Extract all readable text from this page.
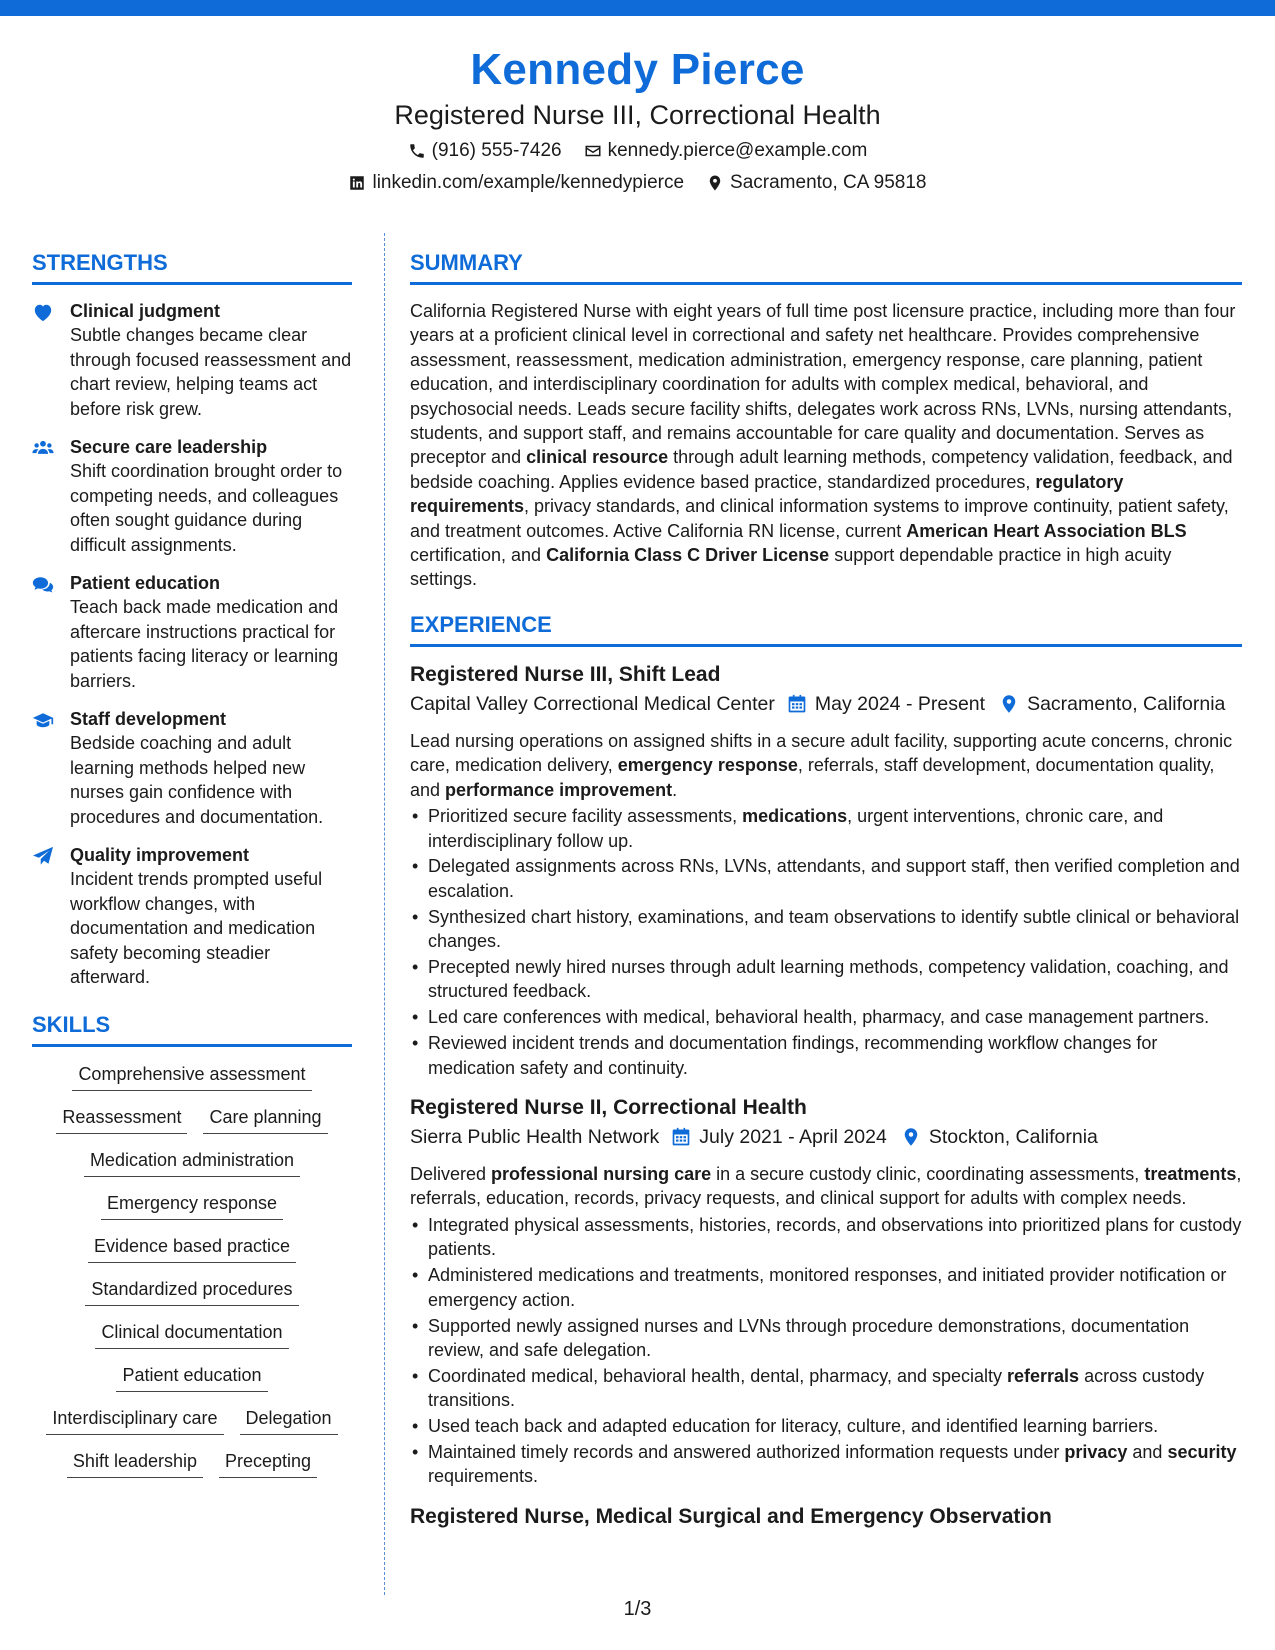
Kennedy Pierce
Registered Nurse III, Correctional Health
(916) 555-7426 kennedy.pierce@example.com
linkedin.com/example/kennedypierce Sacramento, CA 95818
STRENGTHS
Clinical judgment
Subtle changes became clear through focused reassessment and chart review, helping teams act before risk grew.
Secure care leadership
Shift coordination brought order to competing needs, and colleagues often sought guidance during difficult assignments.
Patient education
Teach back made medication and aftercare instructions practical for patients facing literacy or learning barriers.
Staff development
Bedside coaching and adult learning methods helped new nurses gain confidence with procedures and documentation.
Quality improvement
Incident trends prompted useful workflow changes, with documentation and medication safety becoming steadier afterward.
SKILLS
Comprehensive assessment
Reassessment	Care planning
Medication administration
Emergency response
Evidence based practice
Standardized procedures
Clinical documentation
Patient education
Interdisciplinary care	Delegation
Shift leadership	Precepting
SUMMARY
California Registered Nurse with eight years of full time post licensure practice, including more than four years at a proficient clinical level in correctional and safety net healthcare. Provides comprehensive assessment, reassessment, medication administration, emergency response, care planning, patient education, and interdisciplinary coordination for adults with complex medical, behavioral, and psychosocial needs. Leads secure facility shifts, delegates work across RNs, LVNs, nursing attendants, students, and support staff, and remains accountable for care quality and documentation. Serves as preceptor and clinical resource through adult learning methods, competency validation, feedback, and bedside coaching. Applies evidence based practice, standardized procedures, regulatory requirements, privacy standards, and clinical information systems to improve continuity, patient safety, and treatment outcomes. Active California RN license, current American Heart Association BLS certification, and California Class C Driver License support dependable practice in high acuity settings.
EXPERIENCE
Registered Nurse III, Shift Lead
Capital Valley Correctional Medical Center May 2024 - Present Sacramento, California
Lead nursing operations on assigned shifts in a secure adult facility, supporting acute concerns, chronic care, medication delivery, emergency response, referrals, staff development, documentation quality, and performance improvement.
• Prioritized secure facility assessments, medications, urgent interventions, chronic care, and interdisciplinary follow up.
• Delegated assignments across RNs, LVNs, attendants, and support staff, then verified completion and escalation.
• Synthesized chart history, examinations, and team observations to identify subtle clinical or behavioral changes.
• Precepted newly hired nurses through adult learning methods, competency validation, coaching, and structured feedback.
• Led care conferences with medical, behavioral health, pharmacy, and case management partners.
• Reviewed incident trends and documentation findings, recommending workflow changes for medication safety and continuity.
Registered Nurse II, Correctional Health
Sierra Public Health Network July 2021 - April 2024 Stockton, California
Delivered professional nursing care in a secure custody clinic, coordinating assessments, treatments, referrals, education, records, privacy requests, and clinical support for adults with complex needs.
• Integrated physical assessments, histories, records, and observations into prioritized plans for custody patients.
• Administered medications and treatments, monitored responses, and initiated provider notification or emergency action.
• Supported newly assigned nurses and LVNs through procedure demonstrations, documentation review, and safe delegation.
• Coordinated medical, behavioral health, dental, pharmacy, and specialty referrals across custody transitions.
• Used teach back and adapted education for literacy, culture, and identified learning barriers.
• Maintained timely records and answered authorized information requests under privacy and security requirements.
Registered Nurse, Medical Surgical and Emergency Observation
1/3
